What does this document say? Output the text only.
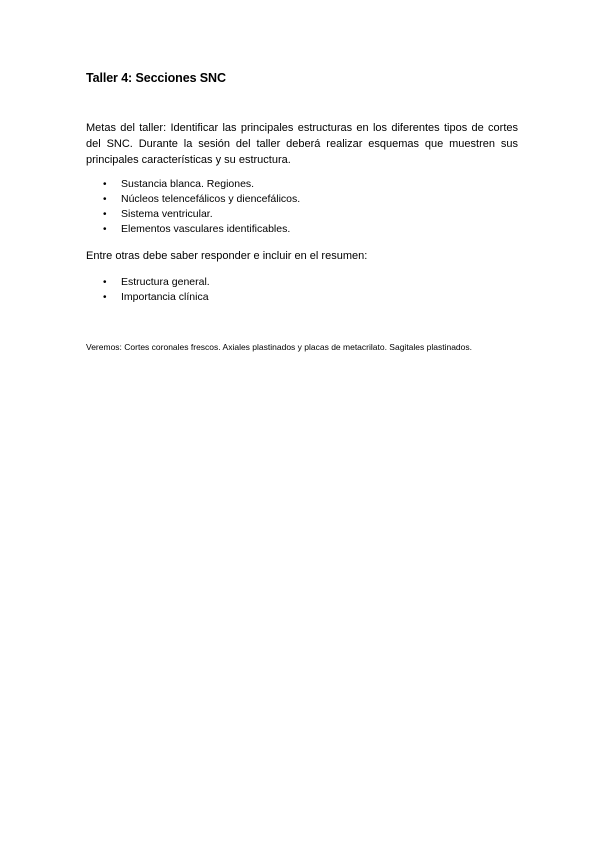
Taller 4: Secciones SNC

Metas del taller: Identificar las principales estructuras en los diferentes tipos de cortes del SNC. Durante la sesión del taller deberá realizar esquemas que muestren sus principales características y su estructura.

• Sustancia blanca. Regiones.
• Núcleos telencefálicos y diencefálicos.
• Sistema ventricular.
• Elementos vasculares identificables.

Entre otras debe saber responder e incluir en el resumen:

• Estructura general.
• Importancia clínica

Veremos: Cortes coronales frescos. Axiales plastinados y placas de metacrilato. Sagitales plastinados.
